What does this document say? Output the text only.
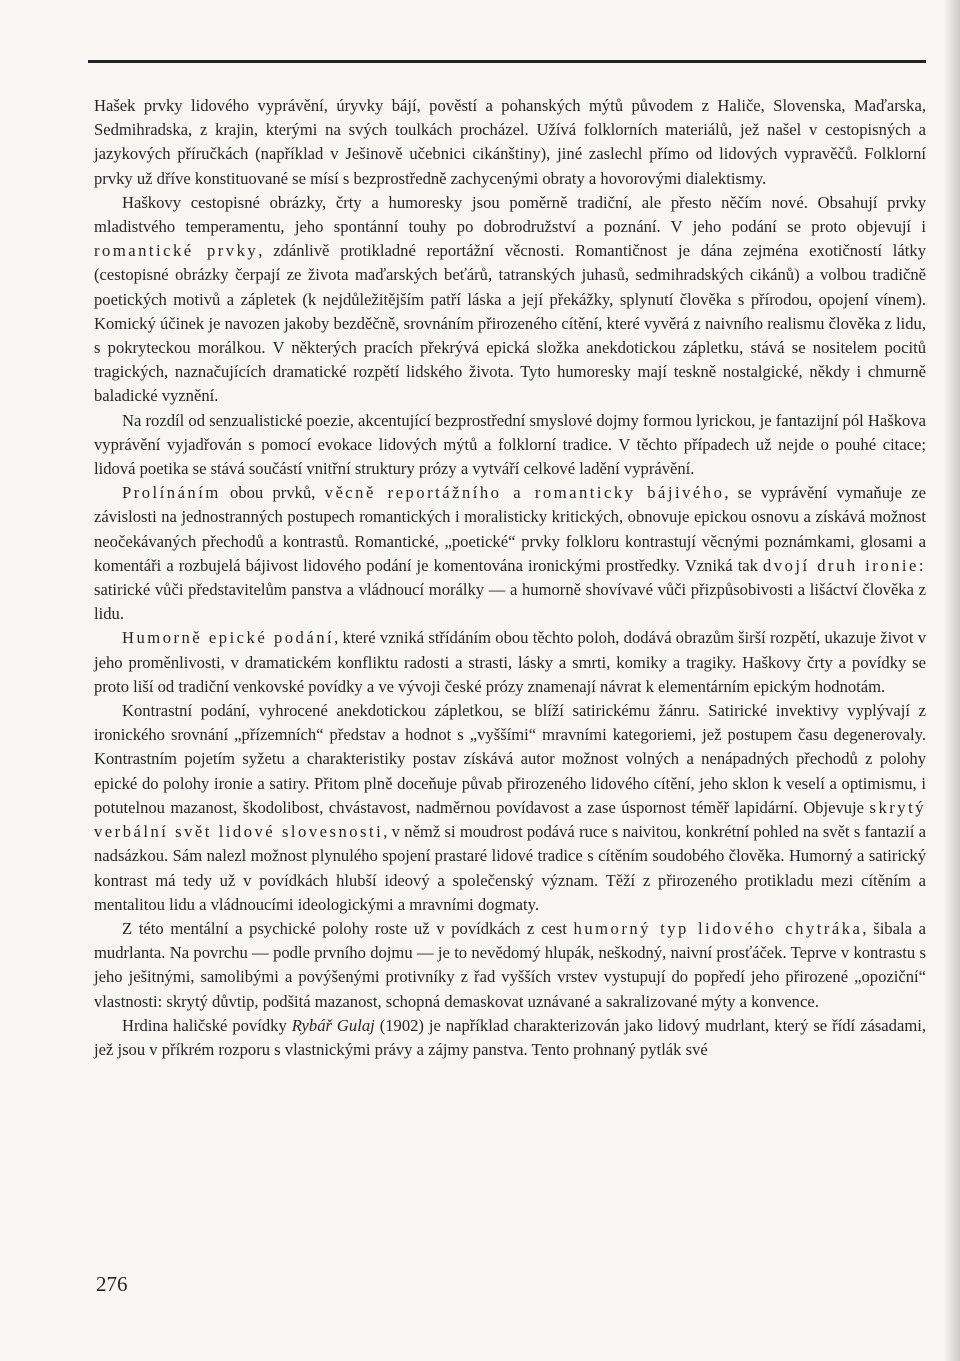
Hašek prvky lidového vyprávění, úryvky bájí, pověstí a pohanských mýtů původem z Haliče, Slovenska, Maďarska, Sedmihradska, z krajin, kterými na svých toulkách procházel. Užívá folklorních materiálů, jež našel v cestopisných a jazykových příručkách (například v Ješinově učebnici cikánštiny), jiné zaslechl přímo od lidových vypravěčů. Folklorní prvky už dříve konstituované se mísí s bezprostředně zachycenými obraty a hovorovými dialektismy.

Haškovy cestopisné obrázky, črty a humoresky jsou poměrně tradiční, ale přesto něčím nové. Obsahují prvky mladistvého temperamentu, jeho spontánní touhy po dobrodružství a poznání. V jeho podání se proto objevují i romantické prvky, zdánlivě protikladné reportážní věcnosti. Romantičnost je dána zejména exotičností látky (cestopisné obrázky čerpají ze života maďarských beťárů, tatranských juhasů, sedmihradských cikánů) a volbou tradičně poetických motivů a zápletek (k nejdůležitějším patří láska a její překážky, splynutí člověka s přírodou, opojení vínem). Komický účinek je navozen jakoby bezděčně, srovnáním přirozeného cítění, které vyvěrá z naivního realismu člověka z lidu, s pokryteckou morálkou. V některých pracích překrývá epická složka anekdotickou zápletku, stává se nositelem pocitů tragických, naznačujících dramatické rozpětí lidského života. Tyto humoresky mají teskně nostalgické, někdy i chmurně baladické vyznění.

Na rozdíl od senzualistické poezie, akcentující bezprostřední smyslové dojmy formou lyrickou, je fantazijní pól Haškova vyprávění vyjadřován s pomocí evokace lidových mýtů a folklorní tradice. V těchto případech už nejde o pouhé citace; lidová poetika se stává součástí vnitřní struktury prózy a vytváří celkové ladění vyprávění.

Prolínáním obou prvků, věcně reportážního a romanticky bájivého, se vyprávění vymaňuje ze závislosti na jednostranných postupech romantických i moralisticky kritických, obnovuje epickou osnovu a získává možnost neočekávaných přechodů a kontrastů. Romantické, „poetické“ prvky folkloru kontrastují věcnými poznámkami, glosami a komentáři a rozbujelá bájivost lidového podání je komentována ironickými prostředky. Vzniká tak dvojí druh ironie: satirické vůči představitelům panstva a vládnoucí morálky — a humorně shovívavé vůči přizpůsobivosti a lišáctví člověka z lidu.

Humorně epické podání, které vzniká střídáním obou těchto poloh, dodává obrazům širší rozpětí, ukazuje život v jeho proměnlivosti, v dramatickém konfliktu radosti a strasti, lásky a smrti, komiky a tragiky. Haškovy črty a povídky se proto liší od tradiční venkovské povídky a ve vývoji české prózy znamenají návrat k elementárním epickým hodnotám.

Kontrastní podání, vyhrocené anekdotickou zápletkou, se blíží satirickému žánru. Satirické invektivy vyplývají z ironického srovnání „přízemních“ představ a hodnot s „vyššími“ mravními kategoriemi, jež postupem času degenerovaly. Kontrastním pojetím syžetu a charakteristiky postav získává autor možnost volných a nenápadných přechodů z polohy epické do polohy ironie a satiry. Přitom plně doceňuje půvab přirozeného lidového cítění, jeho sklon k veselí a optimismu, i potutelnou mazanost, škodolibost, chvástavost, nadměrnou povídavost a zase úspornost téměř lapidární. Objevuje skrytý verbální svět lidové slovesnosti, v němž si moudrost podává ruce s naivitou, konkrétní pohled na svět s fantazií a nadsázkou. Sám nalezl možnost plynulého spojení prastaré lidové tradice s cítěním soudobého člověka. Humorný a satirický kontrast má tedy už v povídkách hlubší ideový a společenský význam. Těží z přirozeného protikladu mezi cítěním a mentalitou lidu a vládnoucími ideologickými a mravními dogmaty.

Z této mentální a psychické polohy roste už v povídkách z cest humorný typ lidového chytráka, šibala a mudrlanta. Na povrchu — podle prvního dojmu — je to nevědomý hlupák, neškodný, naivní prosťáček. Teprve v kontrastu s jeho ješitnými, samolibými a povýšenými protivníky z řad vyšších vrstev vystupují do popředí jeho přirozené „opoziční“ vlastnosti: skrytý důvtip, podšitá mazanost, schopná demaskovat uznávané a sakralizované mýty a konvence.

Hrdina haličské povídky Rybář Gulaj (1902) je například charakterizován jako lidový mudrlant, který se řídí zásadami, jež jsou v příkrém rozporu s vlastnickými právy a zájmy panstva. Tento prohnaný pytlák své

276
